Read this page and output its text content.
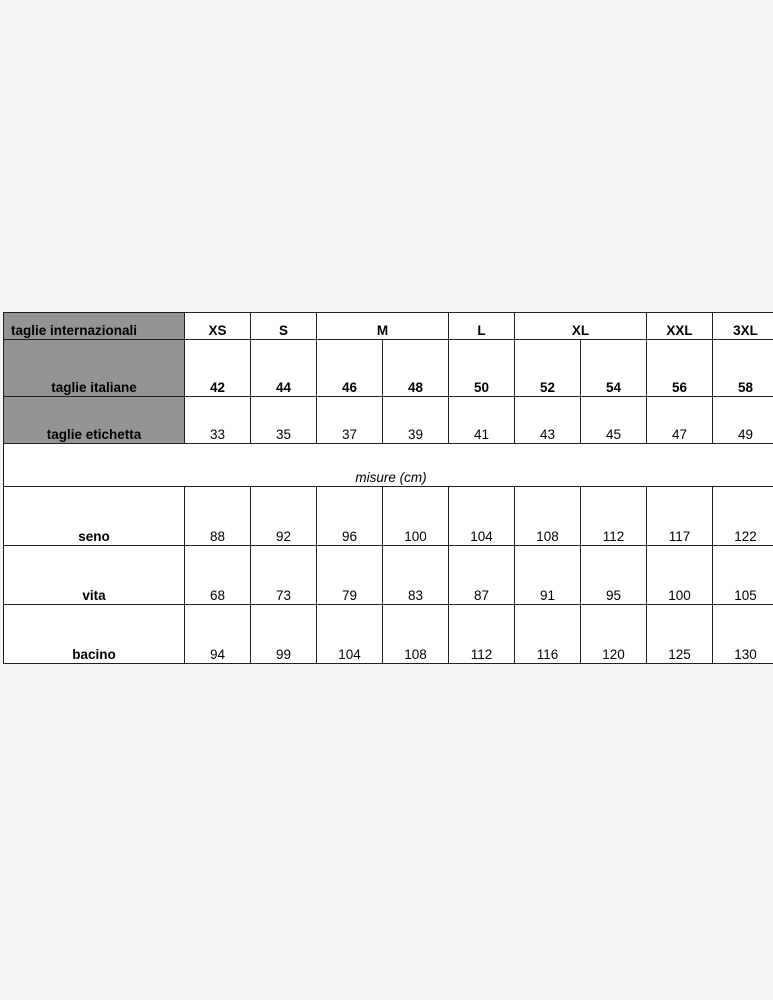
taglie internazionali	XS	S	M		L	XL		XXL	3XL
taglie italiane	42	44	46	48	50	52	54	56	58
taglie etichetta	33	35	37	39	41	43	45	47	49
misure (cm)									
seno	88	92	96	100	104	108	112	117	122
vita	68	73	79	83	87	91	95	100	105
bacino	94	99	104	108	112	116	120	125	130
